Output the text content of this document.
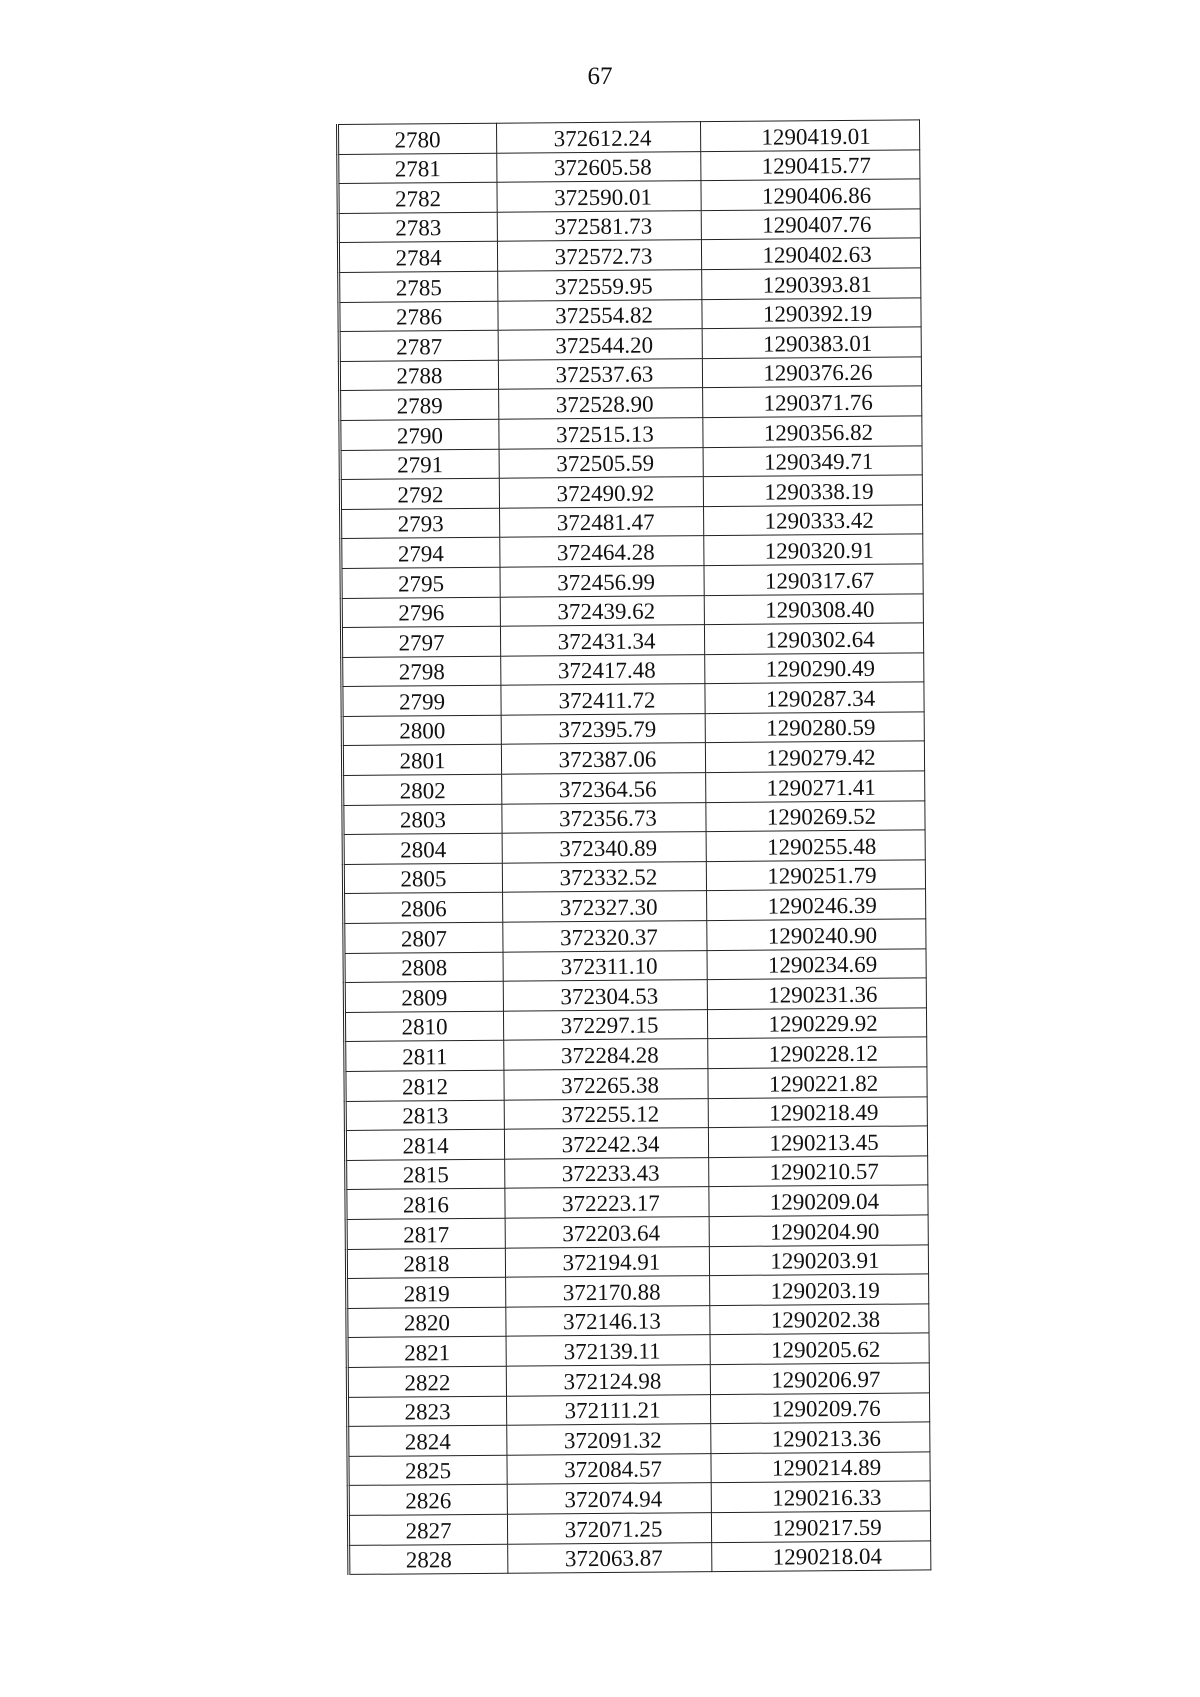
67
2780	372612.24	1290419.01
2781	372605.58	1290415.77
2782	372590.01	1290406.86
2783	372581.73	1290407.76
2784	372572.73	1290402.63
2785	372559.95	1290393.81
2786	372554.82	1290392.19
2787	372544.20	1290383.01
2788	372537.63	1290376.26
2789	372528.90	1290371.76
2790	372515.13	1290356.82
2791	372505.59	1290349.71
2792	372490.92	1290338.19
2793	372481.47	1290333.42
2794	372464.28	1290320.91
2795	372456.99	1290317.67
2796	372439.62	1290308.40
2797	372431.34	1290302.64
2798	372417.48	1290290.49
2799	372411.72	1290287.34
2800	372395.79	1290280.59
2801	372387.06	1290279.42
2802	372364.56	1290271.41
2803	372356.73	1290269.52
2804	372340.89	1290255.48
2805	372332.52	1290251.79
2806	372327.30	1290246.39
2807	372320.37	1290240.90
2808	372311.10	1290234.69
2809	372304.53	1290231.36
2810	372297.15	1290229.92
2811	372284.28	1290228.12
2812	372265.38	1290221.82
2813	372255.12	1290218.49
2814	372242.34	1290213.45
2815	372233.43	1290210.57
2816	372223.17	1290209.04
2817	372203.64	1290204.90
2818	372194.91	1290203.91
2819	372170.88	1290203.19
2820	372146.13	1290202.38
2821	372139.11	1290205.62
2822	372124.98	1290206.97
2823	372111.21	1290209.76
2824	372091.32	1290213.36
2825	372084.57	1290214.89
2826	372074.94	1290216.33
2827	372071.25	1290217.59
2828	372063.87	1290218.04
